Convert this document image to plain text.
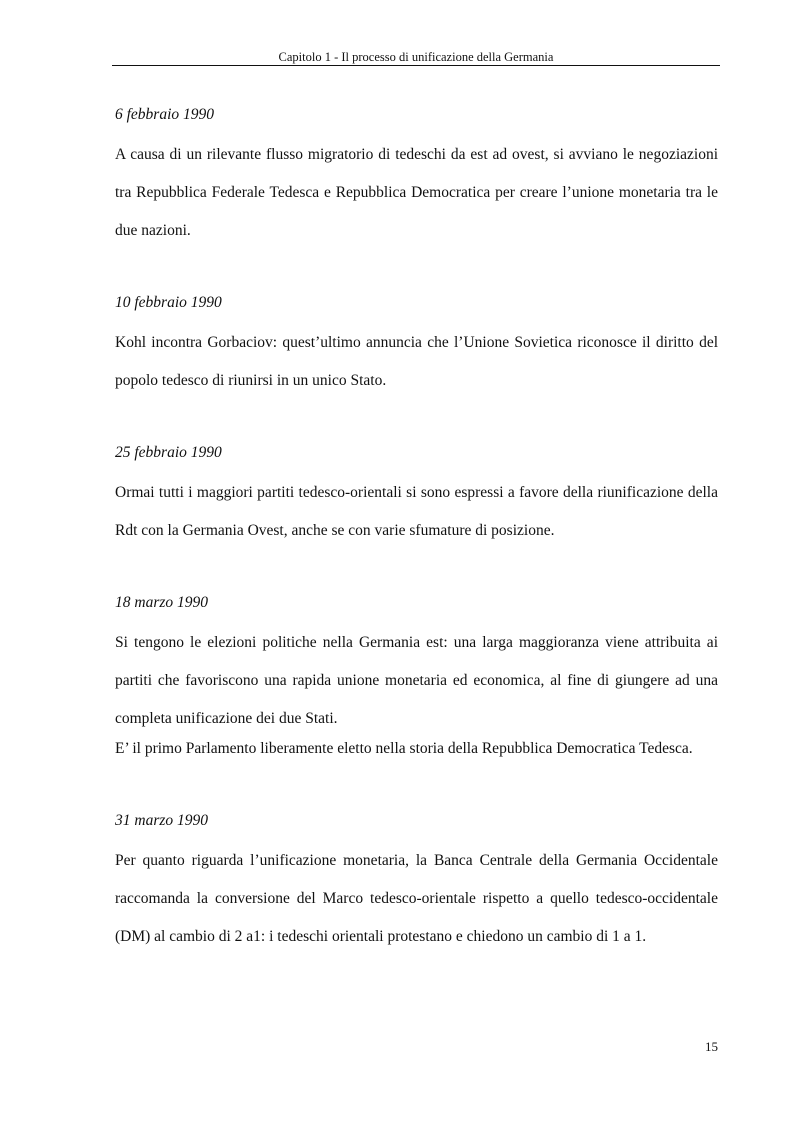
Capitolo 1 - Il processo di unificazione della Germania
6 febbraio 1990

A causa di un rilevante flusso migratorio di tedeschi da est ad ovest, si avviano le negoziazioni tra Repubblica Federale Tedesca e Repubblica Democratica per creare l’unione monetaria tra le due nazioni.

10 febbraio 1990

Kohl incontra Gorbaciov: quest’ultimo annuncia che l’Unione Sovietica riconosce il diritto del popolo tedesco di riunirsi in un unico Stato.

25 febbraio 1990

Ormai tutti i maggiori partiti tedesco-orientali si sono espressi a favore della riunificazione della Rdt con la Germania Ovest, anche se con varie sfumature di posizione.

18 marzo 1990

Si tengono le elezioni politiche nella Germania est: una larga maggioranza viene attribuita ai partiti che favoriscono una rapida unione monetaria ed economica, al fine di giungere ad una completa unificazione dei due Stati.

E’ il primo Parlamento liberamente eletto nella storia della Repubblica Democratica Tedesca.

31 marzo 1990

Per quanto riguarda l’unificazione monetaria, la Banca Centrale della Germania Occidentale raccomanda la conversione del Marco tedesco-orientale rispetto a quello tedesco-occidentale (DM) al cambio di 2 a1: i tedeschi orientali protestano e chiedono un cambio di 1 a 1.

15
